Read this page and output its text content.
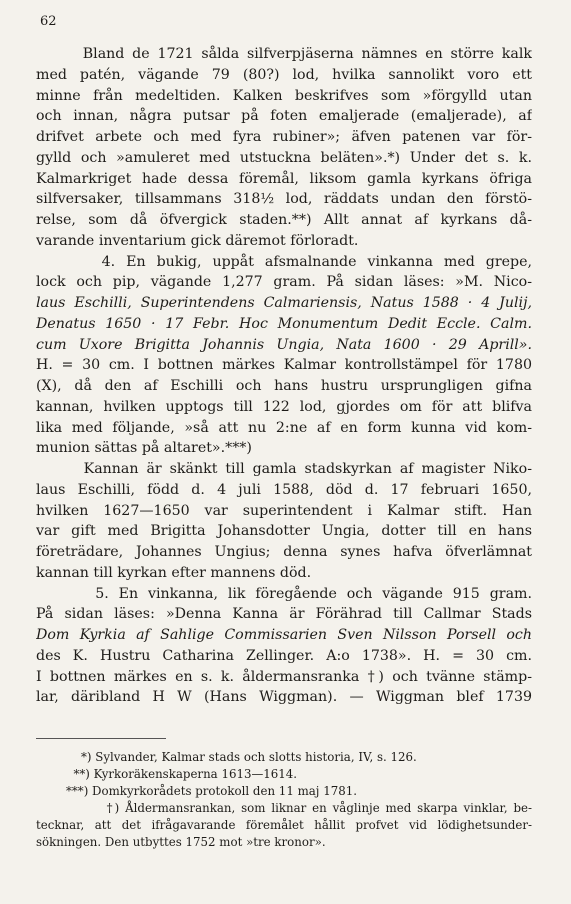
62
Bland de 1721 sålda silfverpjäserna nämnes en större kalk
med patén, vägande 79 (80?) lod, hvilka sannolikt voro ett
minne från medeltiden. Kalken beskrifves som »förgylld utan
och innan, några putsar på foten emaljerade (emaljerade), af
drifvet arbete och med fyra rubiner»; äfven patenen var för-
gylld och »amuleret med utstuckna beläten».*) Under det s. k.
Kalmarkriget hade dessa föremål, liksom gamla kyrkans öfriga
silfversaker, tillsammans 318½ lod, räddats undan den förstö-
relse, som då öfvergick staden.**) Allt annat af kyrkans då-
varande inventarium gick däremot förloradt.
4. En bukig, uppåt afsmalnande vinkanna med grepe,
lock och pip, vägande 1,277 gram. På sidan läses: »M. Nico-
laus Eschilli, Superintendens Calmariensis, Natus 1588 · 4 Julij,
Denatus 1650 · 17 Febr. Hoc Monumentum Dedit Eccle. Calm.
cum Uxore Brigitta Johannis Ungia, Nata 1600 · 29 Aprill».
H. = 30 cm. I bottnen märkes Kalmar kontrollstämpel för 1780
(X), då den af Eschilli och hans hustru ursprungligen gifna
kannan, hvilken upptogs till 122 lod, gjordes om för att blifva
lika med följande, »så att nu 2:ne af en form kunna vid kom-
munion sättas på altaret».***)
Kannan är skänkt till gamla stadskyrkan af magister Niko-
laus Eschilli, född d. 4 juli 1588, död d. 17 februari 1650,
hvilken 1627—1650 var superintendent i Kalmar stift. Han
var gift med Brigitta Johansdotter Ungia, dotter till en hans
företrädare, Johannes Ungius; denna synes hafva öfverlämnat
kannan till kyrkan efter mannens död.
5. En vinkanna, lik föregående och vägande 915 gram.
På sidan läses: »Denna Kanna är Förährad till Callmar Stads
Dom Kyrkia af Sahlige Commissarien Sven Nilsson Porsell och
des K. Hustru Catharina Zellinger. A:o 1738». H. = 30 cm.
I bottnen märkes en s. k. åldermansranka †) och tvänne stämp-
lar, däribland H W (Hans Wiggman). — Wiggman blef 1739
*) Sylvander, Kalmar stads och slotts historia, IV, s. 126.
**) Kyrkoräkenskaperna 1613—1614.
***) Domkyrkorådets protokoll den 11 maj 1781.
†) Åldermansrankan, som liknar en våglinje med skarpa vinklar, be-
tecknar, att det ifrågavarande föremålet hållit profvet vid lödighetsunder-
sökningen. Den utbyttes 1752 mot »tre kronor».
